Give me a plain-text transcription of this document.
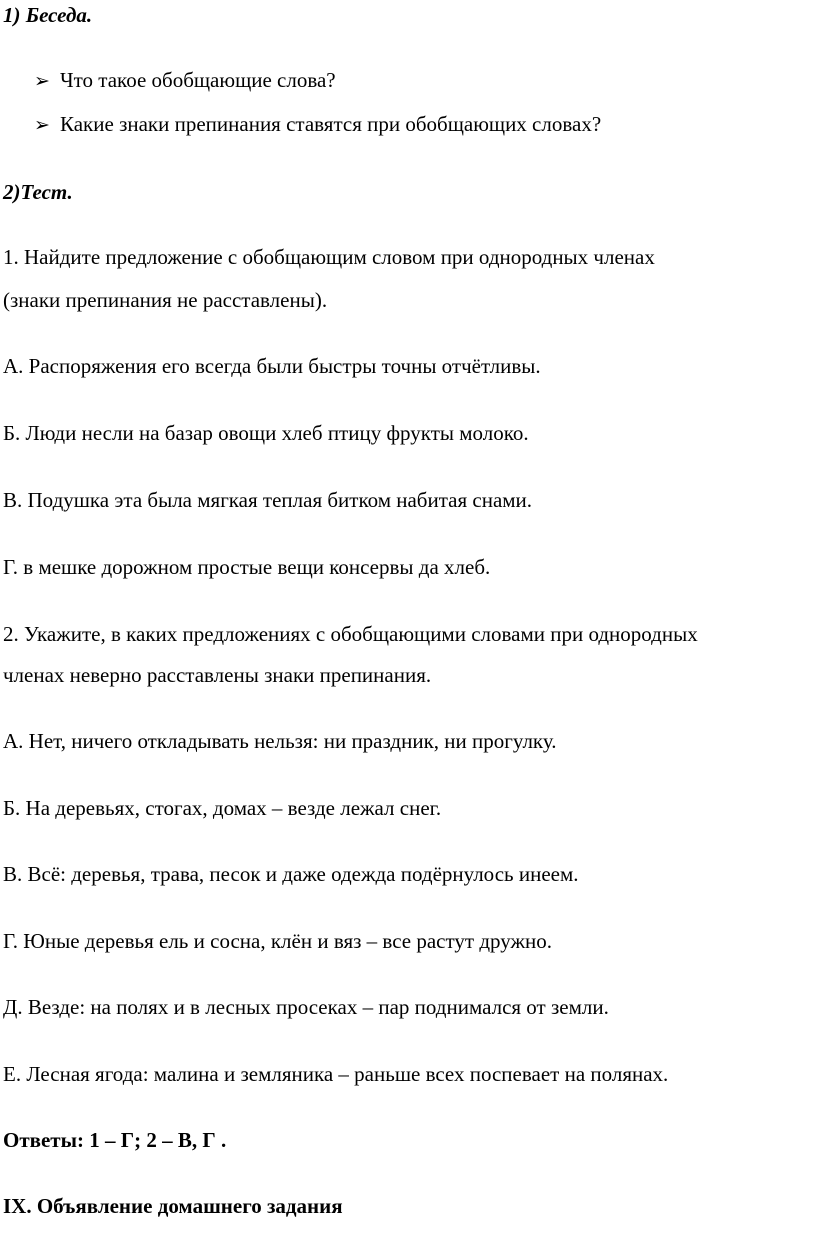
1) Беседа.
➢ Что такое обобщающие слова?
➢ Какие знаки препинания ставятся при обобщающих словах?
2)Тест.
1. Найдите предложение с обобщающим словом при однородных членах
(знаки препинания не расставлены).
А. Распоряжения его всегда были быстры точны отчётливы.
Б. Люди несли на базар овощи хлеб птицу фрукты молоко.
В. Подушка эта была мягкая теплая битком набитая снами.
Г. в мешке дорожном простые вещи консервы да хлеб.
2. Укажите, в каких предложениях с обобщающими словами при однородных
членах неверно расставлены знаки препинания.
А. Нет, ничего откладывать нельзя: ни праздник, ни прогулку.
Б. На деревьях, стогах, домах – везде лежал снег.
В. Всё: деревья, трава, песок и даже одежда подёрнулось инеем.
Г. Юные деревья ель и сосна, клён и вяз – все растут дружно.
Д. Везде: на полях и в лесных просеках – пар поднимался от земли.
Е. Лесная ягода: малина и земляника – раньше всех поспевает на полянах.
Ответы: 1 – Г; 2 – В, Г .
IX. Объявление домашнего задания
